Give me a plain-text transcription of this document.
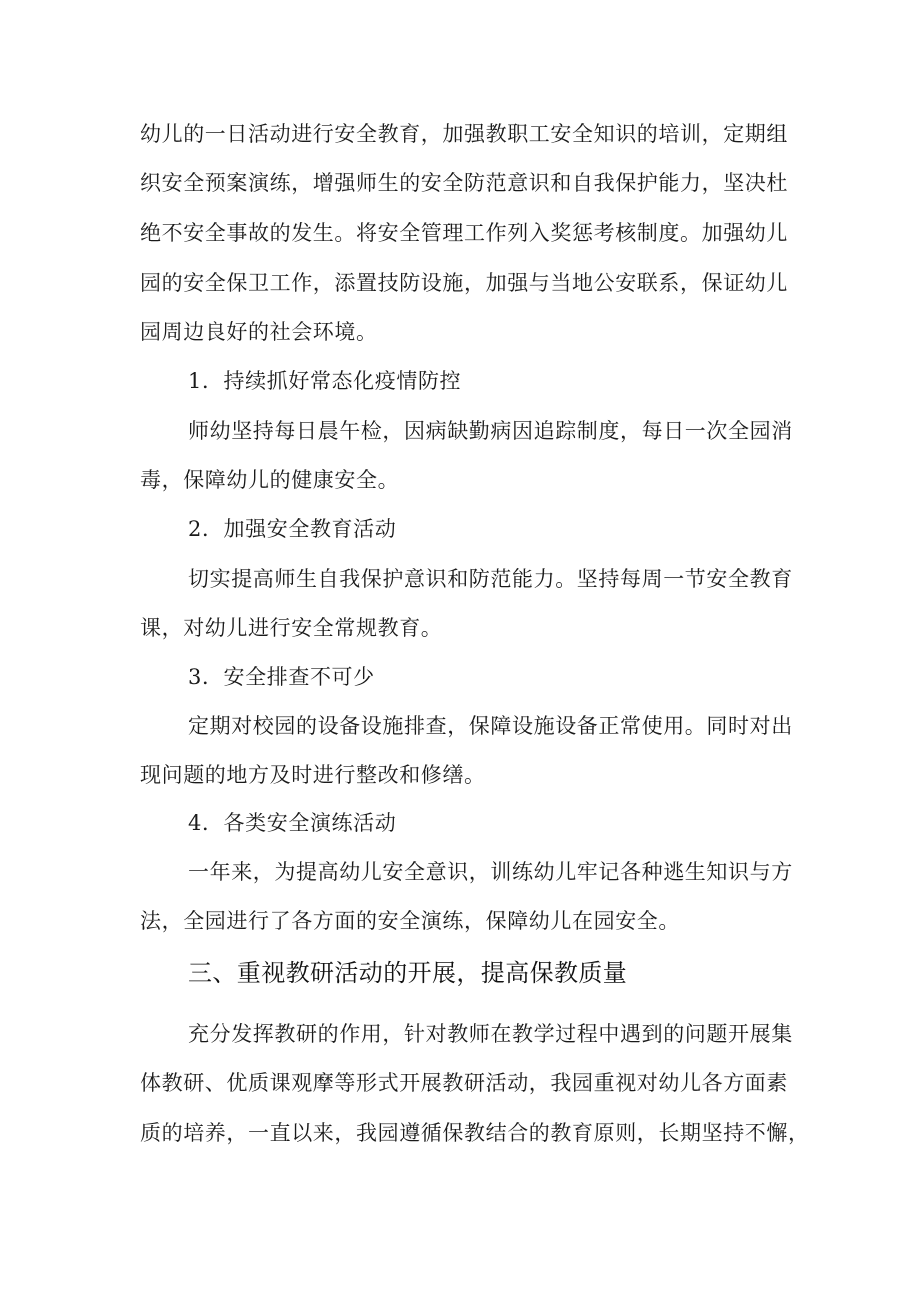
幼儿的一日活动进行安全教育，加强教职工安全知识的培训，定期组
织安全预案演练，增强师生的安全防范意识和自我保护能力，坚决杜
绝不安全事故的发生。将安全管理工作列入奖惩考核制度。加强幼儿
园的安全保卫工作，添置技防设施，加强与当地公安联系，保证幼儿
园周边良好的社会环境。
1．持续抓好常态化疫情防控
师幼坚持每日晨午检，因病缺勤病因追踪制度，每日一次全园消
毒，保障幼儿的健康安全。
2．加强安全教育活动
切实提高师生自我保护意识和防范能力。坚持每周一节安全教育
课，对幼儿进行安全常规教育。
3．安全排查不可少
定期对校园的设备设施排查，保障设施设备正常使用。同时对出
现问题的地方及时进行整改和修缮。
4．各类安全演练活动
一年来，为提高幼儿安全意识，训练幼儿牢记各种逃生知识与方
法，全园进行了各方面的安全演练，保障幼儿在园安全。
三、重视教研活动的开展，提高保教质量
充分发挥教研的作用，针对教师在教学过程中遇到的问题开展集
体教研、优质课观摩等形式开展教研活动，我园重视对幼儿各方面素
质的培养，一直以来，我园遵循保教结合的教育原则，长期坚持不懈，
